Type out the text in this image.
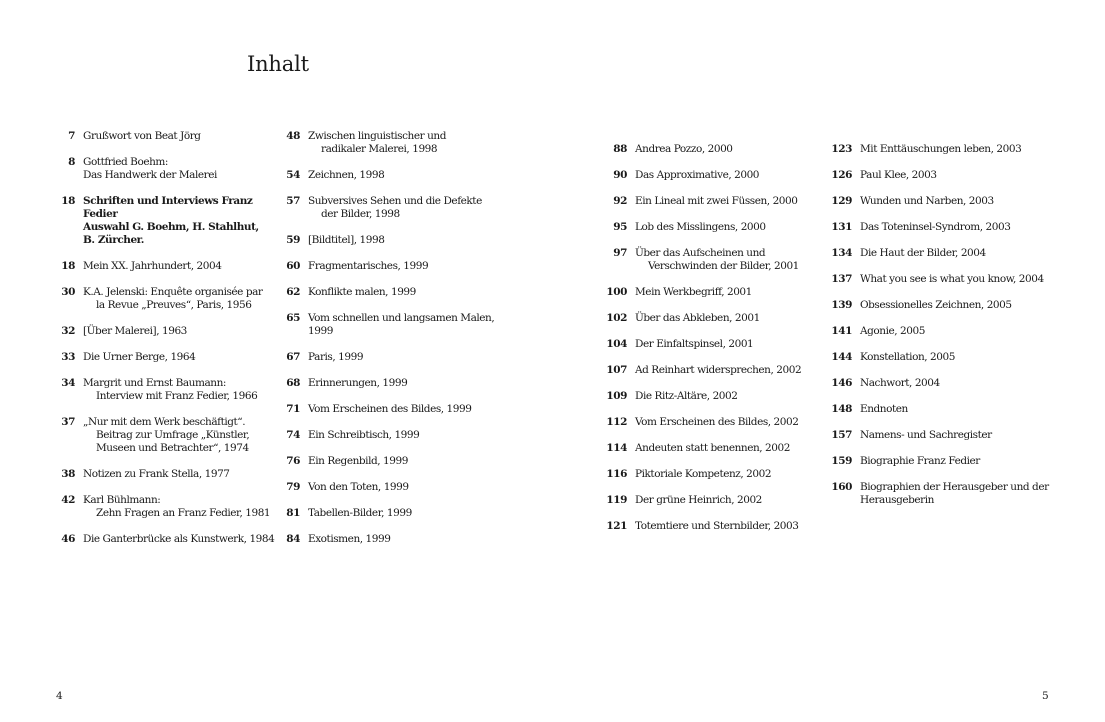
Inhalt
7 Grußwort von Beat Jörg
8 Gottfried Boehm:
Das Handwerk der Malerei
18 Schriften und Interviews Franz Fedier
Auswahl G. Boehm, H. Stahlhut,
B. Zürcher.
18 Mein XX. Jahrhundert, 2004
30 K.A. Jelenski: Enquête organisée par
la Revue „Preuves“, Paris, 1956
32 [Über Malerei], 1963
33 Die Urner Berge, 1964
34 Margrit und Ernst Baumann:
Interview mit Franz Fedier, 1966
37 „Nur mit dem Werk beschäftigt“.
Beitrag zur Umfrage „Künstler,
Museen und Betrachter“, 1974
38 Notizen zu Frank Stella, 1977
42 Karl Bühlmann:
Zehn Fragen an Franz Fedier, 1981
46 Die Ganterbrücke als Kunstwerk, 1984
48 Zwischen linguistischer und
radikaler Malerei, 1998
54 Zeichnen, 1998
57 Subversives Sehen und die Defekte
der Bilder, 1998
59 [Bildtitel], 1998
60 Fragmentarisches, 1999
62 Konflikte malen, 1999
65 Vom schnellen und langsamen Malen, 1999
67 Paris, 1999
68 Erinnerungen, 1999
71 Vom Erscheinen des Bildes, 1999
74 Ein Schreibtisch, 1999
76 Ein Regenbild, 1999
79 Von den Toten, 1999
81 Tabellen-Bilder, 1999
84 Exotismen, 1999
88 Andrea Pozzo, 2000
90 Das Approximative, 2000
92 Ein Lineal mit zwei Füssen, 2000
95 Lob des Misslingens, 2000
97 Über das Aufscheinen und
Verschwinden der Bilder, 2001
100 Mein Werkbegriff, 2001
102 Über das Abkleben, 2001
104 Der Einfaltspinsel, 2001
107 Ad Reinhart widersprechen, 2002
109 Die Ritz-Altäre, 2002
112 Vom Erscheinen des Bildes, 2002
114 Andeuten statt benennen, 2002
116 Piktoriale Kompetenz, 2002
119 Der grüne Heinrich, 2002
121 Totemtiere und Sternbilder, 2003
123 Mit Enttäuschungen leben, 2003
126 Paul Klee, 2003
129 Wunden und Narben, 2003
131 Das Toteninsel-Syndrom, 2003
134 Die Haut der Bilder, 2004
137 What you see is what you know, 2004
139 Obsessionelles Zeichnen, 2005
141 Agonie, 2005
144 Konstellation, 2005
146 Nachwort, 2004
148 Endnoten
157 Namens- und Sachregister
159 Biographie Franz Fedier
160 Biographien der Herausgeber und der
Herausgeberin
4	5
